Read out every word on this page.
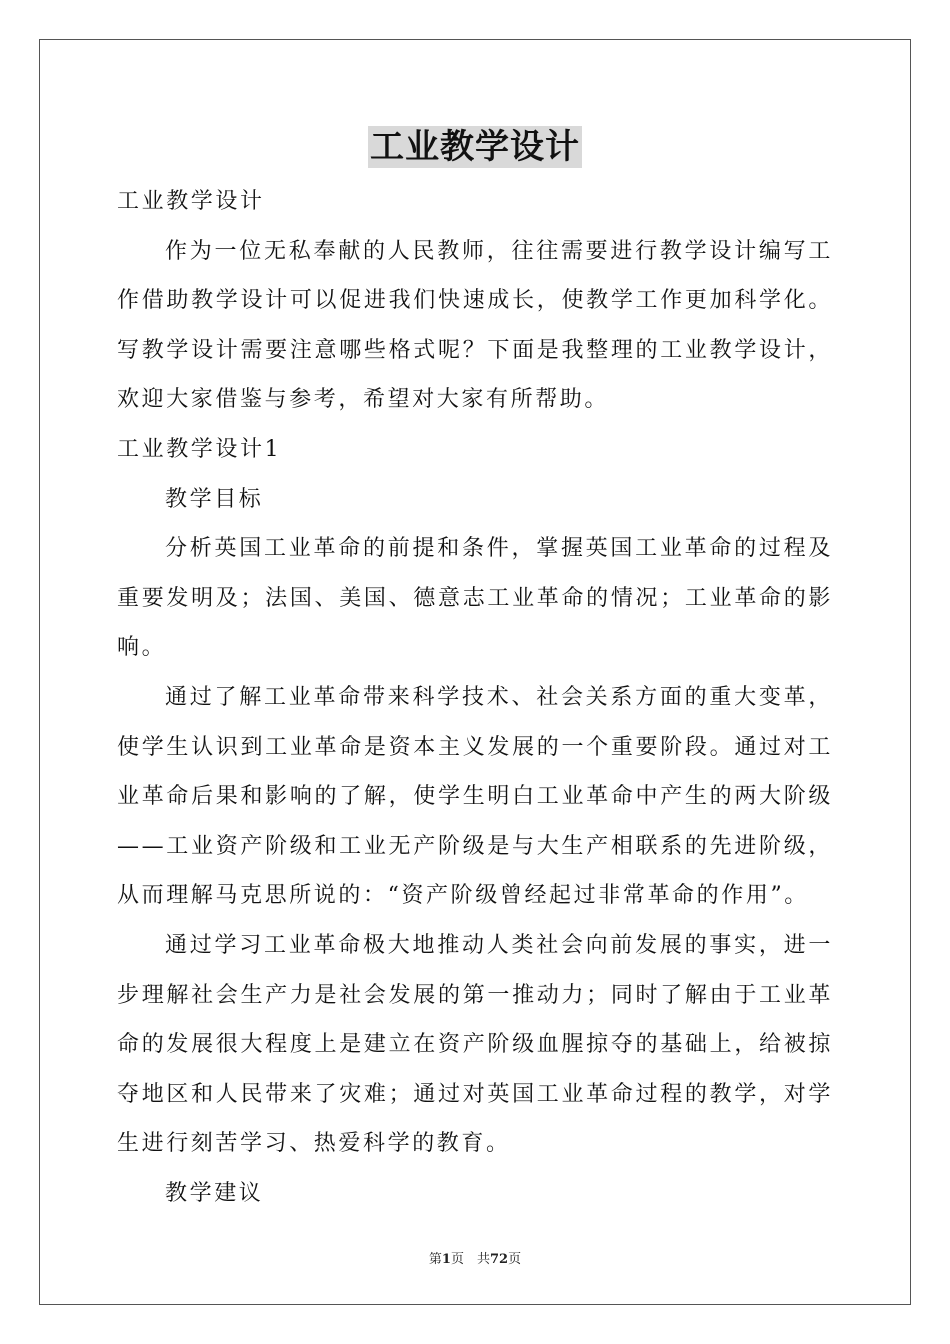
工业教学设计

工业教学设计

作为一位无私奉献的人民教师，往往需要进行教学设计编写工作借助教学设计可以促进我们快速成长，使教学工作更加科学化。写教学设计需要注意哪些格式呢？下面是我整理的工业教学设计，欢迎大家借鉴与参考，希望对大家有所帮助。

工业教学设计1

教学目标

分析英国工业革命的前提和条件，掌握英国工业革命的过程及重要发明及；法国、美国、德意志工业革命的情况；工业革命的影响。

通过了解工业革命带来科学技术、社会关系方面的重大变革，使学生认识到工业革命是资本主义发展的一个重要阶段。通过对工业革命后果和影响的了解，使学生明白工业革命中产生的两大阶级——工业资产阶级和工业无产阶级是与大生产相联系的先进阶级，从而理解马克思所说的：“资产阶级曾经起过非常革命的作用”。

通过学习工业革命极大地推动人类社会向前发展的事实，进一步理解社会生产力是社会发展的第一推动力；同时了解由于工业革命的发展很大程度上是建立在资产阶级血腥掠夺的基础上，给被掠夺地区和人民带来了灾难；通过对英国工业革命过程的教学，对学生进行刻苦学习、热爱科学的教育。

教学建议

第1页　共72页
